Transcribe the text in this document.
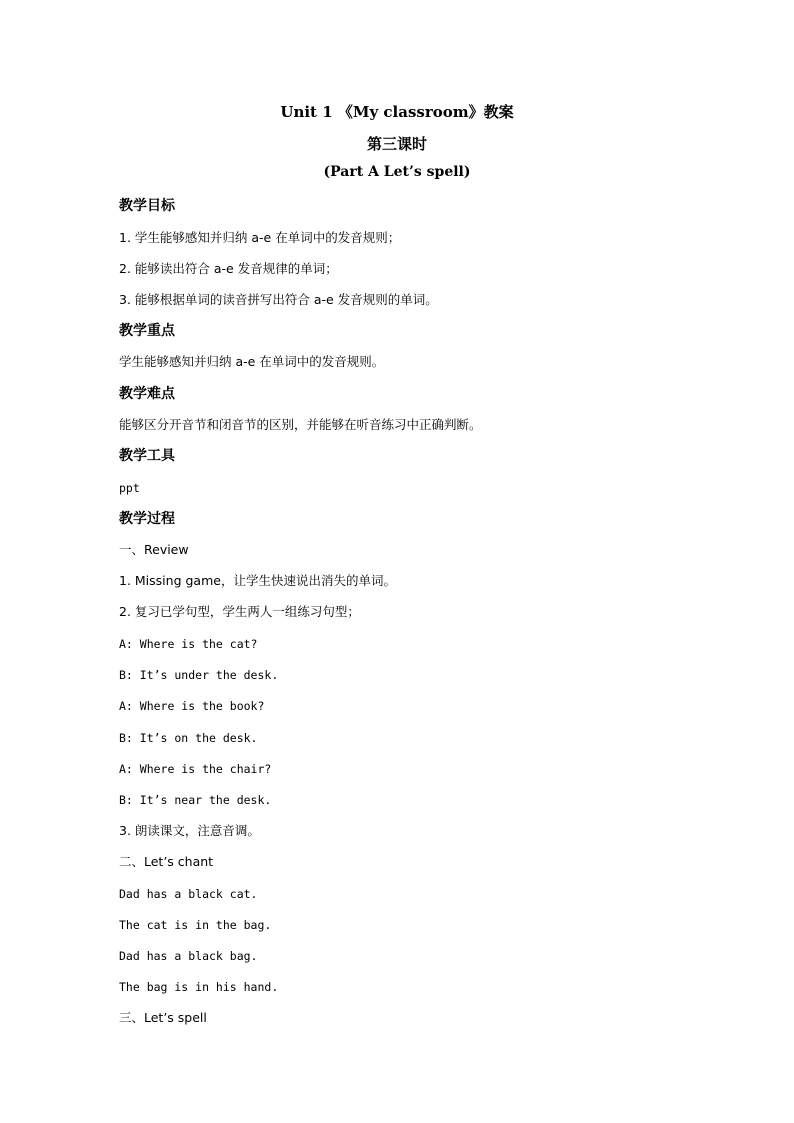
Unit 1 《My classroom》教案
第三课时
(Part A Let’s spell)
教学目标
1. 学生能够感知并归纳 a-e 在单词中的发音规则；
2. 能够读出符合 a-e 发音规律的单词；
3. 能够根据单词的读音拼写出符合 a-e 发音规则的单词。
教学重点
学生能够感知并归纳 a-e 在单词中的发音规则。
教学难点
能够区分开音节和闭音节的区别，并能够在听音练习中正确判断。
教学工具
ppt
教学过程
一、Review
1. Missing game，让学生快速说出消失的单词。
2. 复习已学句型，学生两人一组练习句型；
A: Where is the cat?
B: It’s under the desk.
A: Where is the book?
B: It’s on the desk.
A: Where is the chair?
B: It’s near the desk.
3. 朗读课文，注意音调。
二、Let’s chant
Dad has a black cat.
The cat is in the bag.
Dad has a black bag.
The bag is in his hand.
三、Let’s spell
